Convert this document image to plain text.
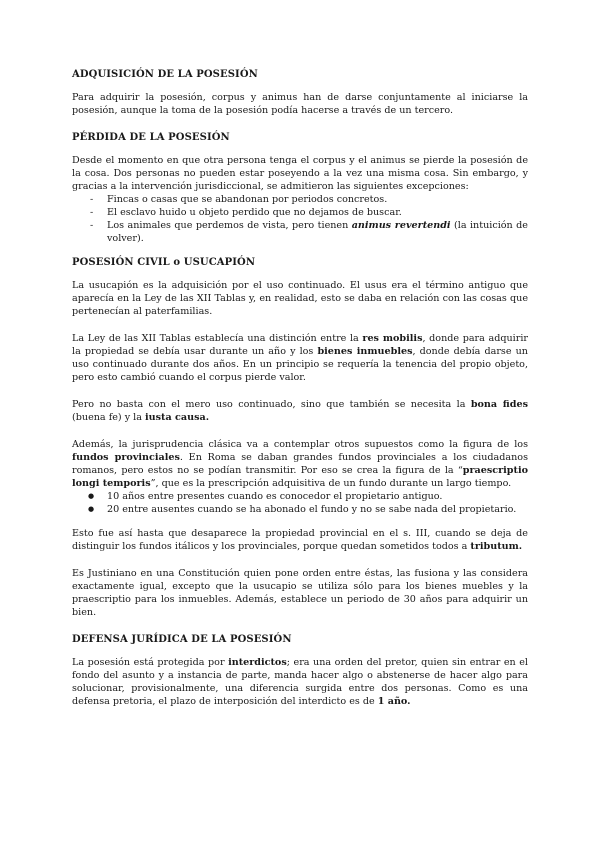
ADQUISICIÓN DE LA POSESIÓN

Para adquirir la posesión, corpus y animus han de darse conjuntamente al iniciarse la posesión, aunque la toma de la posesión podía hacerse a través de un tercero.

PÉRDIDA DE LA POSESIÓN

Desde el momento en que otra persona tenga el corpus y el animus se pierde la posesión de la cosa. Dos personas no pueden estar poseyendo a la vez una misma cosa. Sin embargo, y gracias a la intervención jurisdiccional, se admitieron las siguientes excepciones:

- Fincas o casas que se abandonan por periodos concretos.
- El esclavo huido u objeto perdido que no dejamos de buscar.
- Los animales que perdemos de vista, pero tienen animus revertendi (la intuición de volver).
POSESIÓN CIVIL o USUCAPIÓN

La usucapión es la adquisición por el uso continuado. El usus era el término antiguo que aparecía en la Ley de las XII Tablas y, en realidad, esto se daba en relación con las cosas que pertenecían al paterfamilias.

La Ley de las XII Tablas establecía una distinción entre la res mobilis, donde para adquirir la propiedad se debía usar durante un año y los bienes inmuebles, donde debía darse un uso continuado durante dos años. En un principio se requería la tenencia del propio objeto, pero esto cambió cuando el corpus pierde valor.

Pero no basta con el mero uso continuado, sino que también se necesita la bona fides (buena fe) y la iusta causa.

Además, la jurisprudencia clásica va a contemplar otros supuestos como la figura de los fundos provinciales. En Roma se daban grandes fundos provinciales a los ciudadanos romanos, pero estos no se podían transmitir. Por eso se crea la figura de la “praescriptio longi temporis”, que es la prescripción adquisitiva de un fundo durante un largo tiempo.

● 10 años entre presentes cuando es conocedor el propietario antiguo.
● 20 entre ausentes cuando se ha abonado el fundo y no se sabe nada del propietario.

Esto fue así hasta que desaparece la propiedad provincial en el s. III, cuando se deja de distinguir los fundos itálicos y los provinciales, porque quedan sometidos todos a tributum.

Es Justiniano en una Constitución quien pone orden entre éstas, las fusiona y las considera exactamente igual, excepto que la usucapio se utiliza sólo para los bienes muebles y la praescriptio para los inmuebles. Además, establece un periodo de 30 años para adquirir un bien.

DEFENSA JURÍDICA DE LA POSESIÓN

La posesión está protegida por interdictos; era una orden del pretor, quien sin entrar en el fondo del asunto y a instancia de parte, manda hacer algo o abstenerse de hacer algo para solucionar, provisionalmente, una diferencia surgida entre dos personas. Como es una defensa pretoria, el plazo de interposición del interdicto es de 1 año.
